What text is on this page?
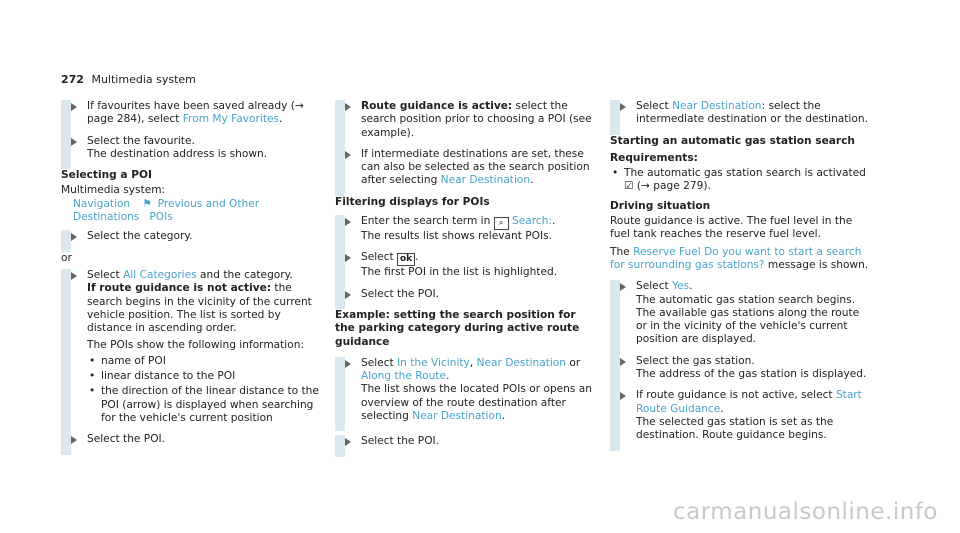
272 Multimedia system
If favourites have been saved already (→ page 284), select From My Favorites.
Select the favourite.
The destination address is shown.
Selecting a POI
Multimedia system:
Navigation ⚑ Previous and Other Destinations POIs
Select the category.
or
Select All Categories and the category.
If route guidance is not active: the search begins in the vicinity of the current vehicle position. The list is sorted by distance in ascending order.
The POIs show the following information:
• name of POI
• linear distance to the POI
• the direction of the linear distance to the POI (arrow) is displayed when searching for the vehicle's current position
Select the POI.
Route guidance is active: select the search position prior to choosing a POI (see example).
If intermediate destinations are set, these can also be selected as the search position after selecting Near Destination.
Filtering displays for POIs
Enter the search term in ⌕ Search:.
The results list shows relevant POIs.
Select ok .
The first POI in the list is highlighted.
Select the POI.
Example: setting the search position for the parking category during active route guidance
Select In the Vicinity, Near Destination or Along the Route.
The list shows the located POIs or opens an overview of the route destination after selecting Near Destination.
Select the POI.
Select Near Destination: select the intermediate destination or the destination.
Starting an automatic gas station search
Requirements:
• The automatic gas station search is activated
☑ (→ page 279).
Driving situation
Route guidance is active. The fuel level in the fuel tank reaches the reserve fuel level.
The Reserve Fuel Do you want to start a search for surrounding gas stations? message is shown.
Select Yes.
The automatic gas station search begins. The available gas stations along the route or in the vicinity of the vehicle's current position are displayed.
Select the gas station.
The address of the gas station is displayed.
If route guidance is not active, select Start Route Guidance.
The selected gas station is set as the destination. Route guidance begins.
carmanualsonline.info
